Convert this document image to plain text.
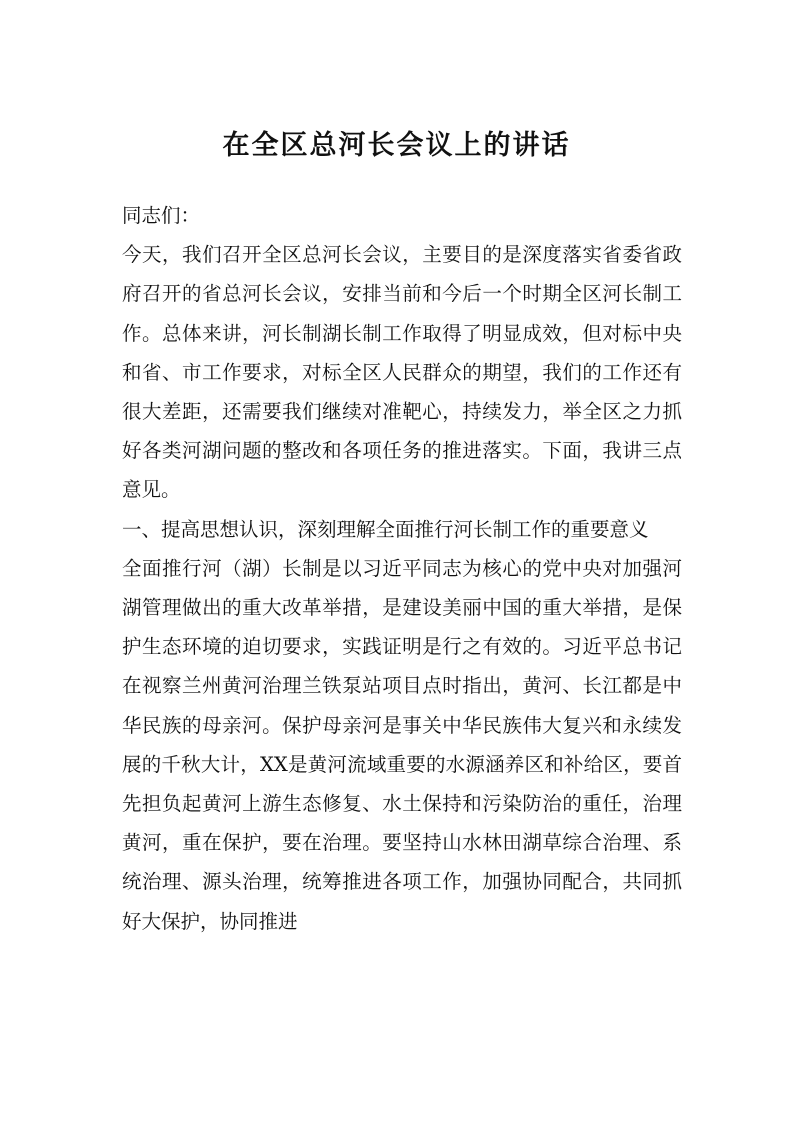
在全区总河长会议上的讲话

同志们：

今天，我们召开全区总河长会议，主要目的是深度落实省委省政府召开的省总河长会议，安排当前和今后一个时期全区河长制工作。总体来讲，河长制湖长制工作取得了明显成效，但对标中央和省、市工作要求，对标全区人民群众的期望，我们的工作还有很大差距，还需要我们继续对准靶心，持续发力，举全区之力抓好各类河湖问题的整改和各项任务的推进落实。下面，我讲三点意见。

一、提高思想认识，深刻理解全面推行河长制工作的重要意义

全面推行河（湖）长制是以习近平同志为核心的党中央对加强河湖管理做出的重大改革举措，是建设美丽中国的重大举措，是保护生态环境的迫切要求，实践证明是行之有效的。习近平总书记在视察兰州黄河治理兰铁泵站项目点时指出，黄河、长江都是中华民族的母亲河。保护母亲河是事关中华民族伟大复兴和永续发展的千秋大计，XX是黄河流域重要的水源涵养区和补给区，要首先担负起黄河上游生态修复、水土保持和污染防治的重任，治理黄河，重在保护，要在治理。要坚持山水林田湖草综合治理、系统治理、源头治理，统筹推进各项工作，加强协同配合，共同抓好大保护，协同推进
